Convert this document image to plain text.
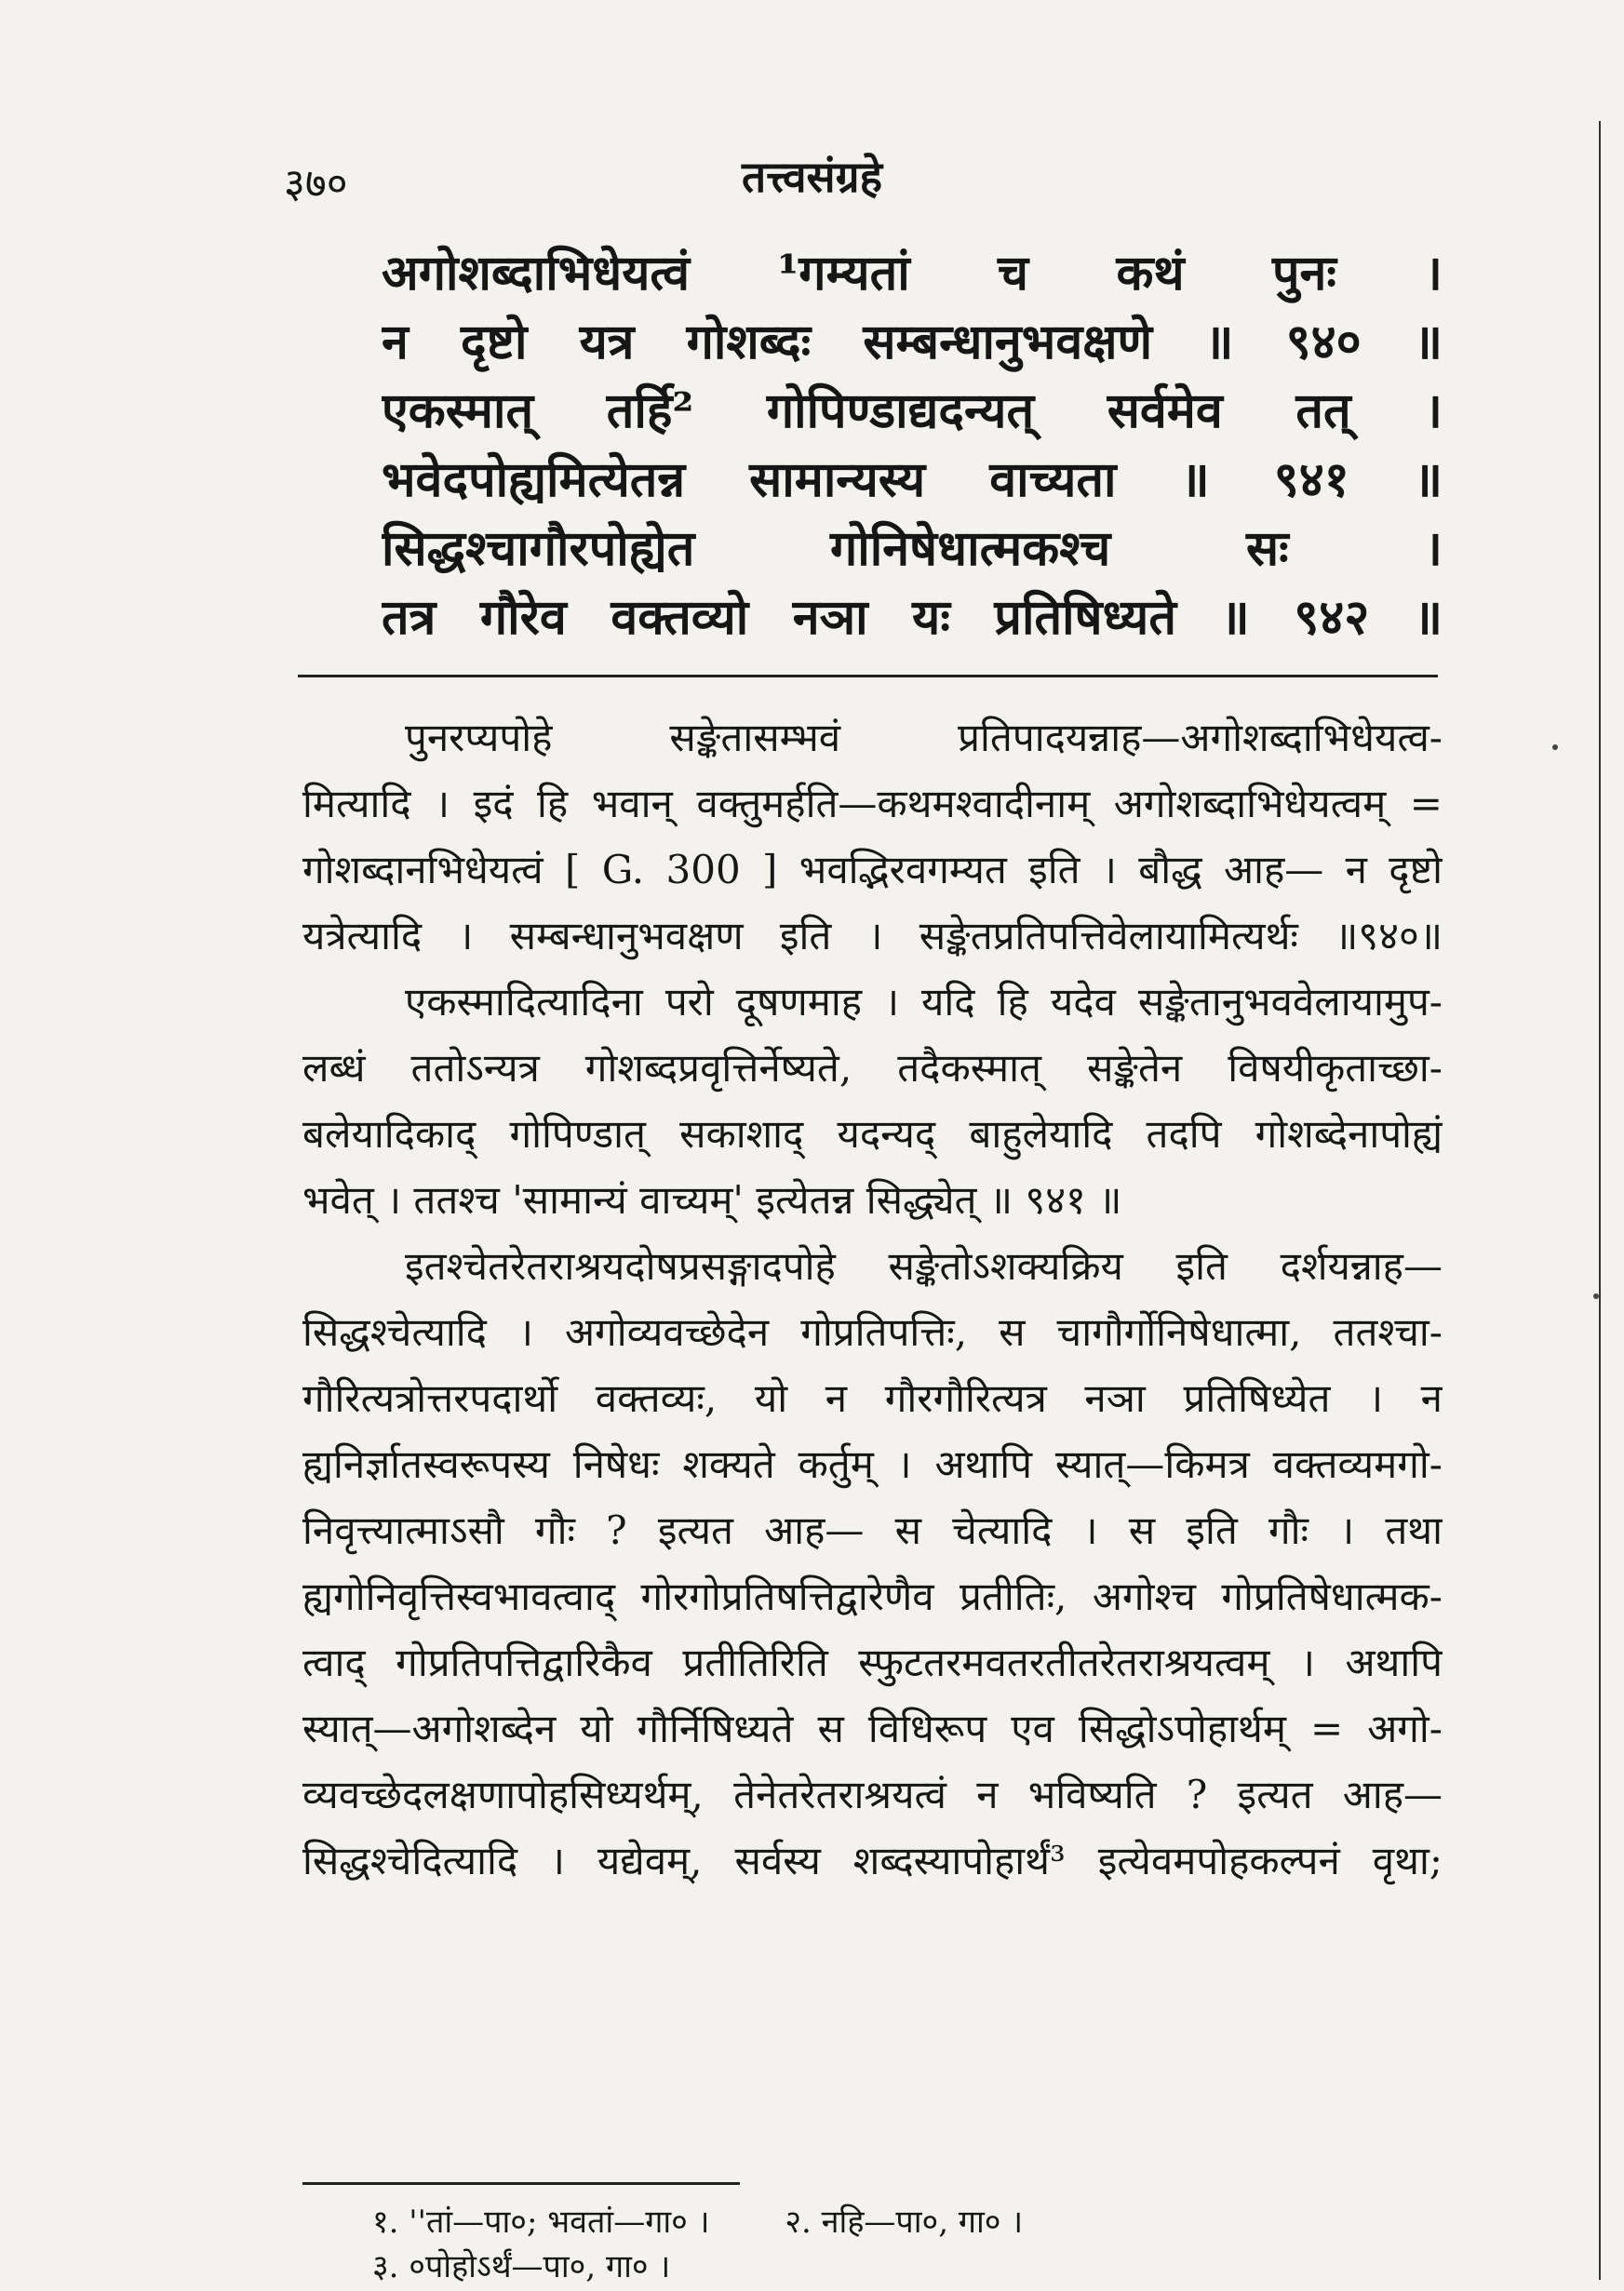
३७०	तत्त्वसंग्रहे
अगोशब्दाभिधेयत्वं ¹गम्यतां च कथं पुनः ।
न दृष्टो यत्र गोशब्दः सम्बन्धानुभवक्षणे ॥ ९४० ॥
एकस्मात् तर्हि² गोपिण्डाद्यदन्यत् सर्वमेव तत् ।
भवेदपोह्यमित्येतन्न सामान्यस्य वाच्यता ॥ ९४१ ॥
सिद्धश्चागौरपोह्येत गोनिषेधात्मकश्च सः ।
तत्र गौरेव वक्तव्यो नञा यः प्रतिषिध्यते ॥ ९४२ ॥
पुनरप्यपोहे सङ्केतासम्भवं प्रतिपादयन्नाह—अगोशब्दाभिधेयत्व-
मित्यादि । इदं हि भवान् वक्तुमर्हति—कथमश्वादीनाम् अगोशब्दाभिधेयत्वम् =
गोशब्दानभिधेयत्वं [ G. 300 ] भवद्भिरवगम्यत इति । बौद्ध आह— न दृष्टो
यत्रेत्यादि । सम्बन्धानुभवक्षण इति । सङ्केतप्रतिपत्तिवेलायामित्यर्थः ॥९४०॥
एकस्मादित्यादिना परो दूषणमाह । यदि हि यदेव सङ्केतानुभववेलायामुप-
लब्धं ततोऽन्यत्र गोशब्दप्रवृत्तिर्नेष्यते, तदैकस्मात् सङ्केतेन विषयीकृताच्छा-
बलेयादिकाद् गोपिण्डात् सकाशाद् यदन्यद् बाहुलेयादि तदपि गोशब्देनापोह्यं
भवेत् । ततश्च 'सामान्यं वाच्यम्' इत्येतन्न सिद्ध्येत् ॥ ९४१ ॥
इतश्चेतरेतराश्रयदोषप्रसङ्गादपोहे सङ्केतोऽशक्यक्रिय इति दर्शयन्नाह—
सिद्धश्चेत्यादि । अगोव्यवच्छेदेन गोप्रतिपत्तिः, स चागौर्गोनिषेधात्मा, ततश्चा-
गौरित्यत्रोत्तरपदार्थो वक्तव्यः, यो न गौरगौरित्यत्र नञा प्रतिषिध्येत । न
ह्यनिर्ज्ञातस्वरूपस्य निषेधः शक्यते कर्तुम् । अथापि स्यात्—किमत्र वक्तव्यमगो-
निवृत्त्यात्माऽसौ गौः ? इत्यत आह— स चेत्यादि । स इति गौः । तथा
ह्यगोनिवृत्तिस्वभावत्वाद् गोरगोप्रतिषत्तिद्वारेणैव प्रतीतिः, अगोश्च गोप्रतिषेधात्मक-
त्वाद् गोप्रतिपत्तिद्वारिकैव प्रतीतिरिति स्फुटतरमवतरतीतरेतराश्रयत्वम् । अथापि
स्यात्—अगोशब्देन यो गौर्निषिध्यते स विधिरूप एव सिद्धोऽपोहार्थम् = अगो-
व्यवच्छेदलक्षणापोहसिध्यर्थम्, तेनेतरेतराश्रयत्वं न भविष्यति ? इत्यत आह—
सिद्धश्चेदित्यादि । यद्येवम्, सर्वस्य शब्दस्यापोहार्थं³ इत्येवमपोहकल्पनं वृथा;
१. ''तां—पा०; भवतां—गा० । २. नहि—पा०, गा० ।
३. ०पोहोऽर्थं—पा०, गा० ।
